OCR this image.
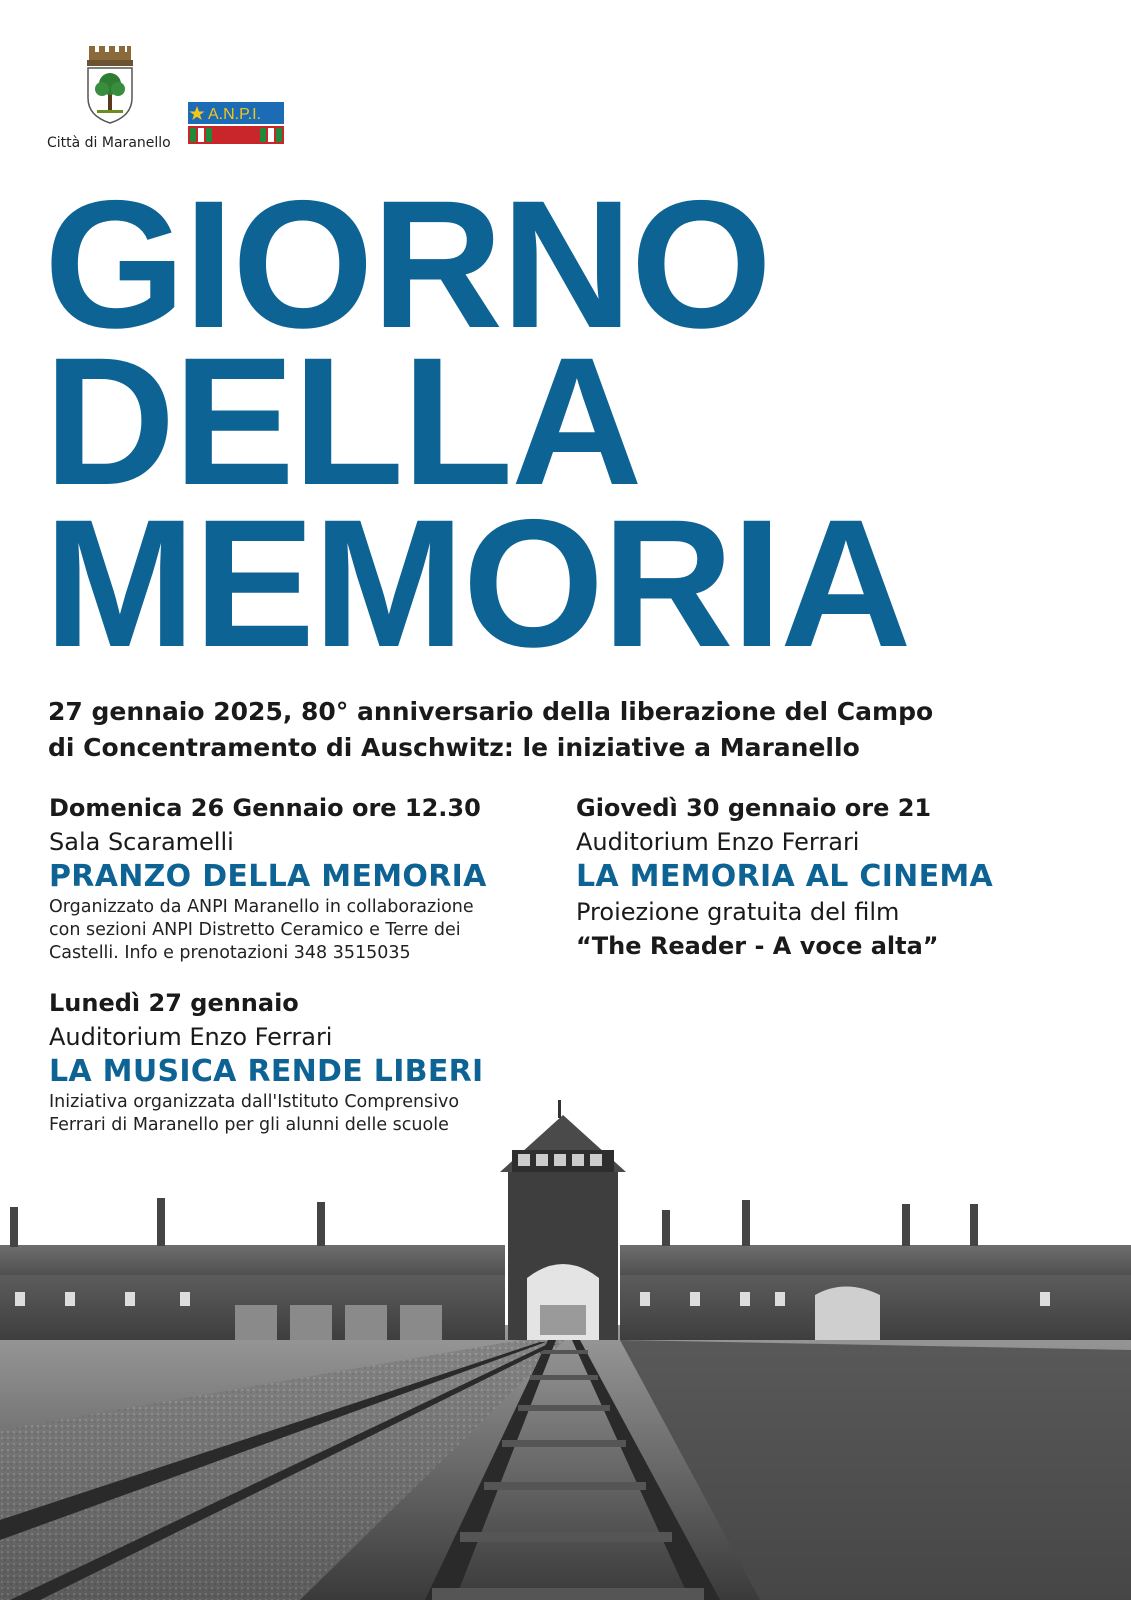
Città di Maranello
A.N.P.I.
GIORNO
DELLA
MEMORIA
27 gennaio 2025, 80° anniversario della liberazione del Campo
di Concentramento di Auschwitz: le iniziative a Maranello
Domenica 26 Gennaio ore 12.30
Sala Scaramelli
PRANZO DELLA MEMORIA
Organizzato da ANPI Maranello in collaborazione
con sezioni ANPI Distretto Ceramico e Terre dei
Castelli. Info e prenotazioni 348 3515035
Giovedì 30 gennaio ore 21
Auditorium Enzo Ferrari
LA MEMORIA AL CINEMA
Proiezione gratuita del film
“The Reader - A voce alta”
Lunedì 27 gennaio
Auditorium Enzo Ferrari
LA MUSICA RENDE LIBERI
Iniziativa organizzata dall'Istituto Comprensivo
Ferrari di Maranello per gli alunni delle scuole
